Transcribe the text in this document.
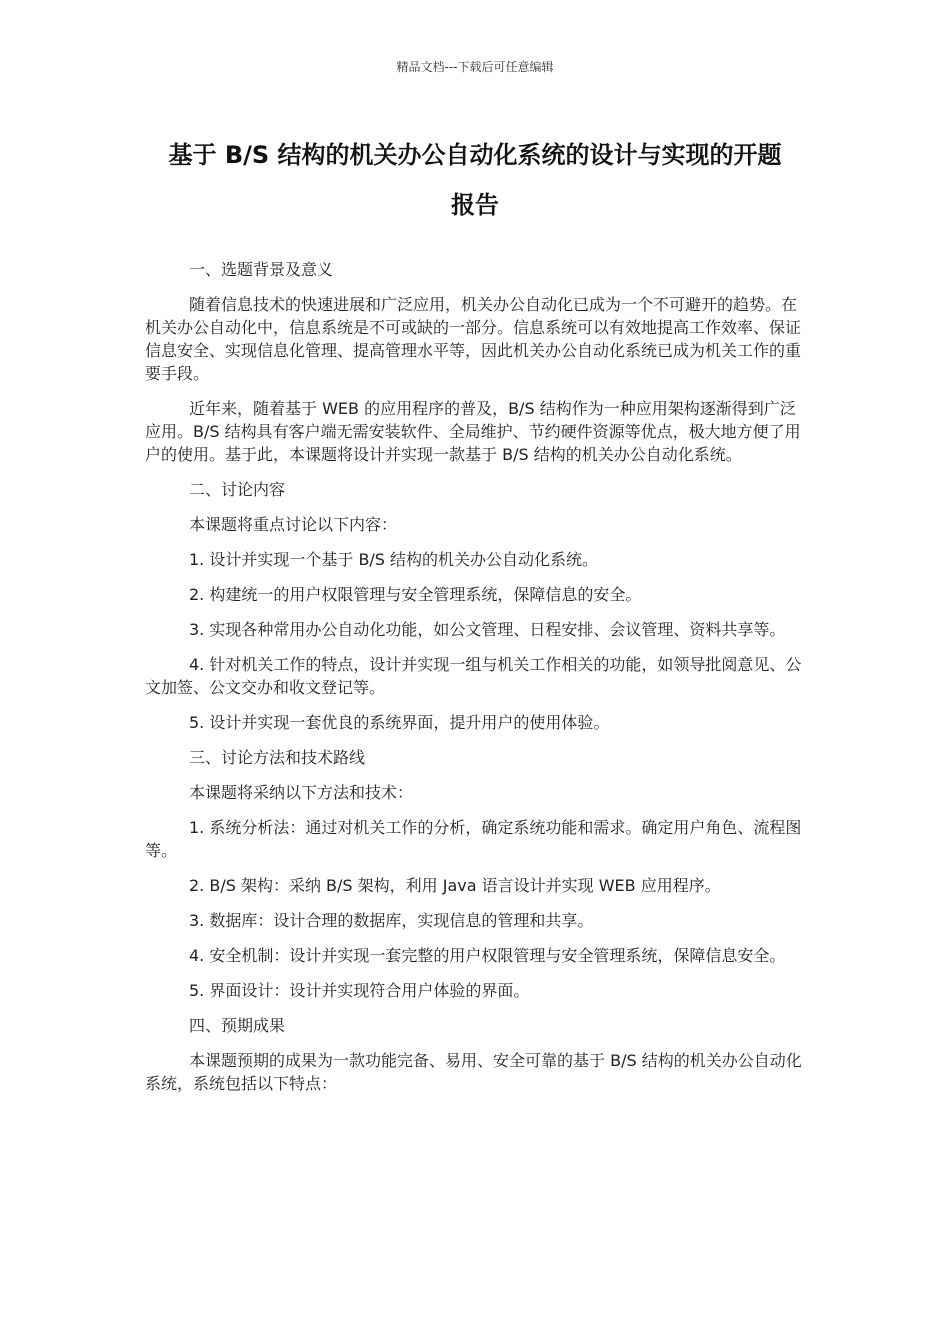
精品文档---下载后可任意编辑
基于 B/S 结构的机关办公自动化系统的设计与实现的开题
报告

一、选题背景及意义

随着信息技术的快速进展和广泛应用，机关办公自动化已成为一个不可避开的趋势。在机关办公自动化中，信息系统是不可或缺的一部分。信息系统可以有效地提高工作效率、保证信息安全、实现信息化管理、提高管理水平等，因此机关办公自动化系统已成为机关工作的重要手段。

近年来，随着基于 WEB 的应用程序的普及，B/S 结构作为一种应用架构逐渐得到广泛应用。B/S 结构具有客户端无需安装软件、全局维护、节约硬件资源等优点，极大地方便了用户的使用。基于此，本课题将设计并实现一款基于 B/S 结构的机关办公自动化系统。

二、讨论内容

本课题将重点讨论以下内容：

1. 设计并实现一个基于 B/S 结构的机关办公自动化系统。

2. 构建统一的用户权限管理与安全管理系统，保障信息的安全。

3. 实现各种常用办公自动化功能，如公文管理、日程安排、会议管理、资料共享等。

4. 针对机关工作的特点，设计并实现一组与机关工作相关的功能，如领导批阅意见、公文加签、公文交办和收文登记等。

5. 设计并实现一套优良的系统界面，提升用户的使用体验。

三、讨论方法和技术路线

本课题将采纳以下方法和技术：

1. 系统分析法：通过对机关工作的分析，确定系统功能和需求。确定用户角色、流程图等。

2. B/S 架构：采纳 B/S 架构，利用 Java 语言设计并实现 WEB 应用程序。

3. 数据库：设计合理的数据库，实现信息的管理和共享。

4. 安全机制：设计并实现一套完整的用户权限管理与安全管理系统，保障信息安全。

5. 界面设计：设计并实现符合用户体验的界面。

四、预期成果

本课题预期的成果为一款功能完备、易用、安全可靠的基于 B/S 结构的机关办公自动化系统，系统包括以下特点：
